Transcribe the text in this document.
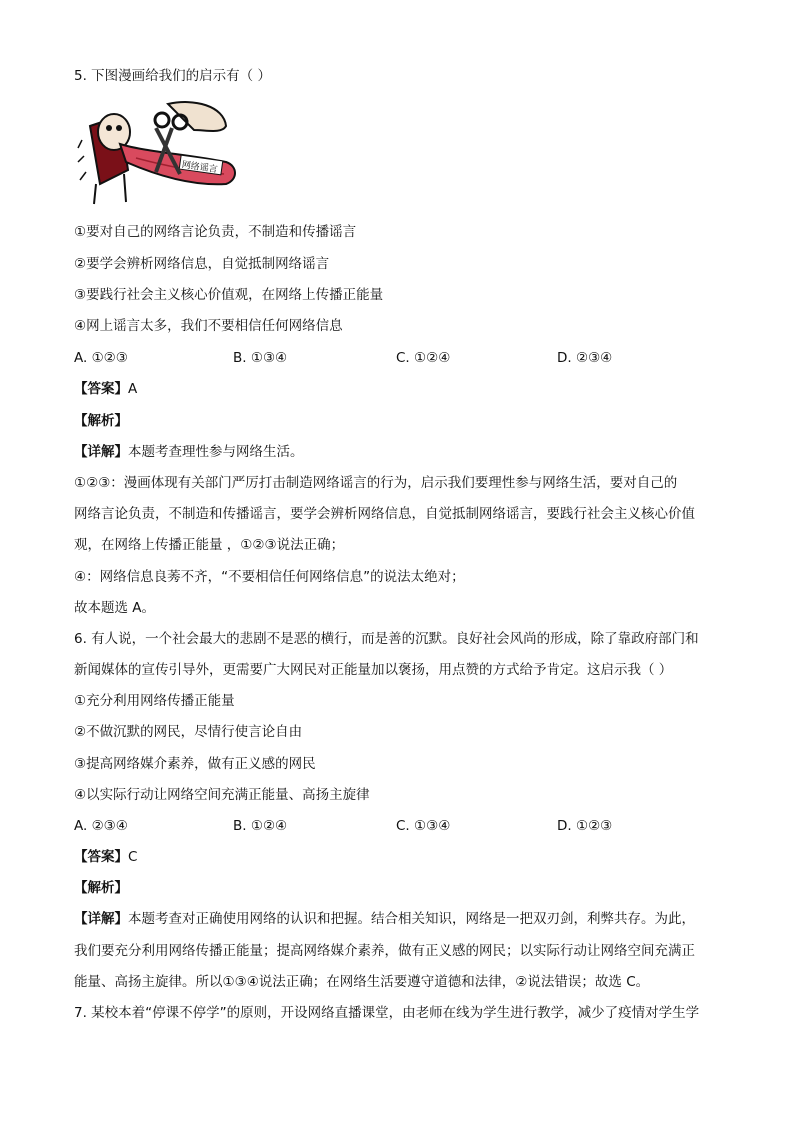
5. 下图漫画给我们的启示有（ ）
网络谣言
①要对自己的网络言论负责，不制造和传播谣言
②要学会辨析网络信息，自觉抵制网络谣言
③要践行社会主义核心价值观，在网络上传播正能量
④网上谣言太多，我们不要相信任何网络信息
A. ①②③	B. ①③④	C. ①②④	D. ②③④
【答案】A
【解析】
【详解】本题考查理性参与网络生活。
①②③：漫画体现有关部门严厉打击制造网络谣言的行为，启示我们要理性参与网络生活，要对自己的
网络言论负责，不制造和传播谣言，要学会辨析网络信息，自觉抵制网络谣言，要践行社会主义核心价值
观，在网络上传播正能量 ，①②③说法正确；
④：网络信息良莠不齐，“不要相信任何网络信息”的说法太绝对；
故本题选 A。
6. 有人说，一个社会最大的悲剧不是恶的横行，而是善的沉默。良好社会风尚的形成，除了靠政府部门和
新闻媒体的宣传引导外，更需要广大网民对正能量加以褒扬，用点赞的方式给予肯定。这启示我（ ）
①充分利用网络传播正能量
②不做沉默的网民，尽情行使言论自由
③提高网络媒介素养，做有正义感的网民
④以实际行动让网络空间充满正能量、高扬主旋律
A. ②③④	B. ①②④	C. ①③④	D. ①②③
【答案】C
【解析】
【详解】本题考查对正确使用网络的认识和把握。结合相关知识，网络是一把双刃剑，利弊共存。为此，
我们要充分利用网络传播正能量；提高网络媒介素养，做有正义感的网民；以实际行动让网络空间充满正
能量、高扬主旋律。所以①③④说法正确；在网络生活要遵守道德和法律，②说法错误；故选 C。
7. 某校本着“停课不停学”的原则，开设网络直播课堂，由老师在线为学生进行教学，减少了疫情对学生学
